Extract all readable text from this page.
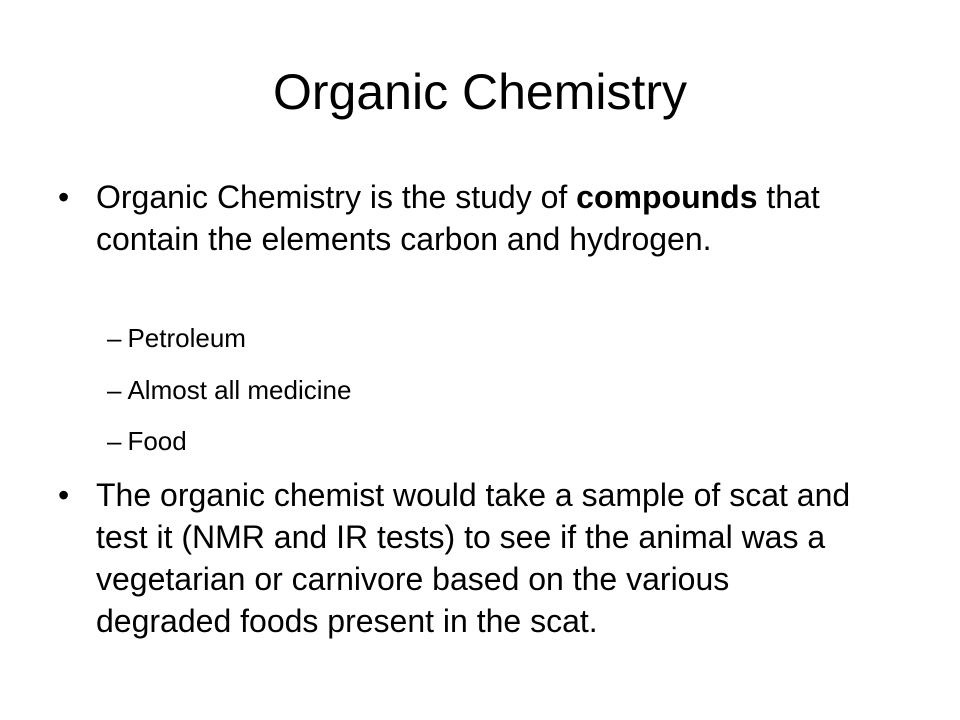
Organic Chemistry
• Organic Chemistry is the study of compounds that contain the elements carbon and hydrogen.
– Petroleum
– Almost all medicine
– Food
• The organic chemist would take a sample of scat and test it (NMR and IR tests) to see if the animal was a vegetarian or carnivore based on the various degraded foods present in the scat.
